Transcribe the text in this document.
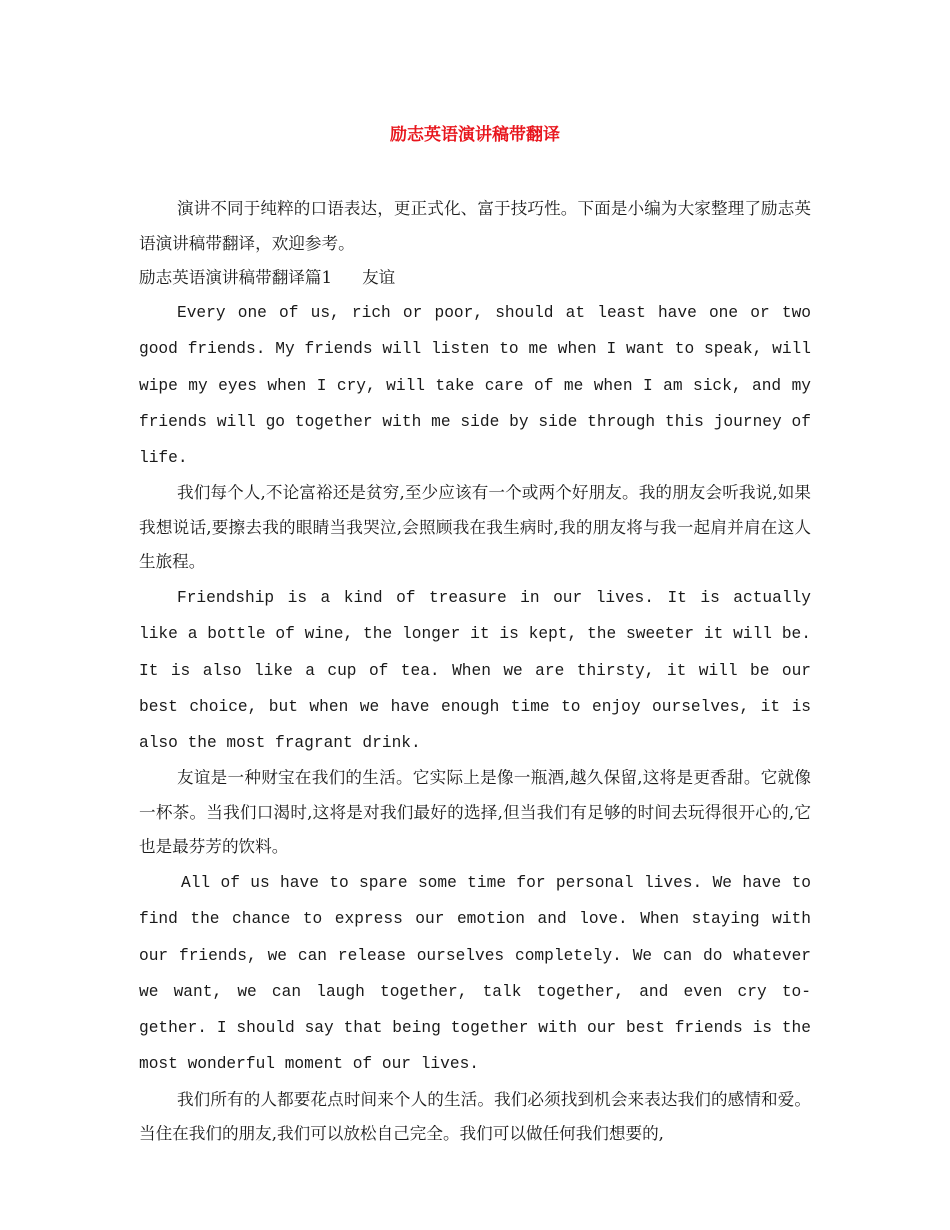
励志英语演讲稿带翻译

演讲不同于纯粹的口语表达，更正式化、富于技巧性。下面是小编为大家整理了励志英语演讲稿带翻译，欢迎参考。

励志英语演讲稿带翻译篇1 友谊

Every one of us, rich or poor, should at least have one or two good friends. My friends will listen to me when I want to speak, will wipe my eyes when I cry, will take care of me when I am sick, and my friends will go together with me side by side through this journey of life.

我们每个人,不论富裕还是贫穷,至少应该有一个或两个好朋友。我的朋友会听我说,如果我想说话,要擦去我的眼睛当我哭泣,会照顾我在我生病时,我的朋友将与我一起肩并肩在这人生旅程。

Friendship is a kind of treasure in our lives. It is actually like a bottle of wine, the longer it is kept, the sweeter it will be. It is also like a cup of tea. When we are thirsty, it will be our best choice, but when we have enough time to enjoy ourselves, it is also the most fragrant drink.

友谊是一种财宝在我们的生活。它实际上是像一瓶酒,越久保留,这将是更香甜。它就像一杯茶。当我们口渴时,这将是对我们最好的选择,但当我们有足够的时间去玩得很开心的,它也是最芬芳的饮料。

All of us have to spare some time for personal lives. We have to find the chance to express our emotion and love. When staying with our friends, we can release ourselves completely. We can do whatever we want, we can laugh together, talk together, and even cry to-gether. I should say that being together with our best friends is the most wonderful moment of our lives.

我们所有的人都要花点时间来个人的生活。我们必须找到机会来表达我们的感情和爱。当住在我们的朋友,我们可以放松自己完全。我们可以做任何我们想要的,
